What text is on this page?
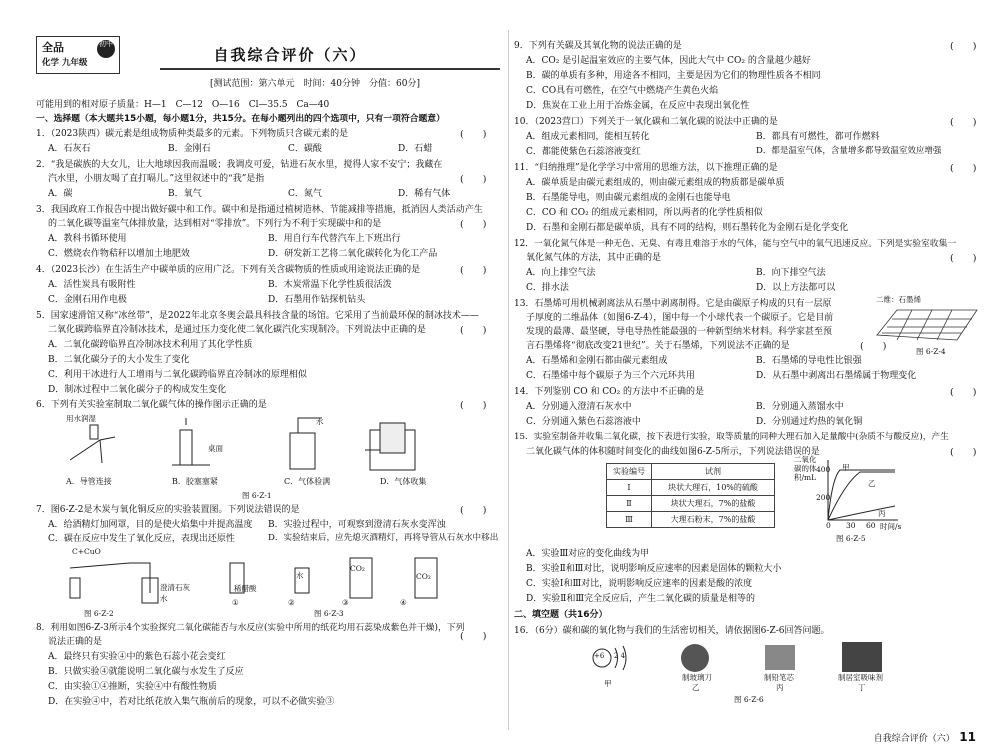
全品
化学 九年级
初中
自我综合评价（六）
[测试范围：第六单元　时间：40分钟　分值：60分]
可能用到的相对原子质量：H—1　C—12　O—16　Cl—35.5　Ca—40
一、选择题（本大题共15小题，每小题1分，共15分。在每小题列出的四个选项中，只有一项符合题意）
1．（2023陕西）碳元素是组成物质种类最多的元素。下列物质只含碳元素的是	(　　)
A．石灰石	B．金刚石	C．碳酸	D．石蜡
2．“我是碳族的大女儿，让大地球因我而温暖；我调皮可爱，钻进石灰水里，搅得人家不安宁；我藏在
汽水里，小朋友喝了直打嗝儿。”这里叙述中的“我”是指	(　　)
A．碳	B．氧气	C．氮气	D．稀有气体
3．我国政府工作报告中提出做好碳中和工作。碳中和是指通过植树造林、节能减排等措施，抵消因人类活动产生
的二氧化碳等温室气体排放量，达到相对“零排放”。下列行为不利于实现碳中和的是	(　　)
A．教科书循环使用	B．用自行车代替汽车上下班出行
C．燃烧农作物秸秆以增加土地肥效	D．研发新工艺将二氧化碳转化为化工产品
4．（2023长沙）在生活生产中碳单质的应用广泛。下列有关含碳物质的性质或用途说法正确的是	(　　)
A．活性炭具有吸附性	B．木炭常温下化学性质很活泼
C．金刚石用作电极	D．石墨用作钻探机钻头
5．国家速滑馆又称“冰丝带”，是2022年北京冬奥会最具科技含量的场馆。它采用了当前最环保的制冰技术——
二氧化碳跨临界直冷制冰技术，是通过压力变化使二氧化碳汽化实现制冷。下列说法中正确的是	(　　)
A．二氧化碳跨临界直冷制冰技术利用了其化学性质
B．二氧化碳分子的大小发生了变化
C．利用干冰进行人工增雨与二氧化碳跨临界直冷制冰的原理相似
D．制冰过程中二氧化碳分子的构成发生变化
6．下列有关实验室制取二氧化碳气体的操作图示正确的是	(　　)
用水润湿
桌面
水
A．导管连接	B．胶塞塞紧	C．气体验满	D．气体收集
图 6-Z-1
7．图6-Z-2是木炭与氧化铜反应的实验装置图。下列说法错误的是	(　　)
A．给酒精灯加网罩，目的是使火焰集中并提高温度 B．实验过程中，可观察到澄清石灰水变浑浊
C．碳在反应中发生了氧化反应，表现出还原性	D．实验结束后，应先熄灭酒精灯，再将导管从石灰水中移出
C+CuO
澄清石灰水
稀醋酸
水
CO₂
CO₂
①	②	③	④
图 6-Z-2	图 6-Z-3
8．利用如图6-Z-3所示4个实验探究二氧化碳能否与水反应(实验中所用的纸花均用石蕊染成紫色并干燥)，下列
说法正确的是	(　　)
A．最终只有实验④中的紫色石蕊小花会变红
B．只做实验④就能说明二氧化碳与水发生了反应
C．由实验①④推断，实验④中有酸性物质
D．在实验④中，若对比纸花放入集气瓶前后的现象，可以不必做实验③
9．下列有关碳及其氧化物的说法正确的是	(　　)
A．CO₂ 是引起温室效应的主要气体，因此大气中 CO₂ 的含量越少越好
B．碳的单质有多种，用途各不相同，主要是因为它们的物理性质各不相同
C．CO具有可燃性，在空气中燃烧产生黄色火焰
D．焦炭在工业上用于冶炼金属，在反应中表现出氧化性
10．（2023营口）下列关于一氧化碳和二氧化碳的说法中正确的是	(　　)
A．组成元素相同，能相互转化	B．都具有可燃性，都可作燃料
C．都能使紫色石蕊溶液变红	D．都是温室气体，含量增多都导致温室效应增强
11．“归纳推理”是化学学习中常用的思维方法，以下推理正确的是	(　　)
A．碳单质是由碳元素组成的，则由碳元素组成的物质都是碳单质
B．石墨能导电，则由碳元素组成的金刚石也能导电
C．CO 和 CO₂ 的组成元素相同，所以两者的化学性质相似
D．石墨和金刚石都是碳单质，具有不同的结构，则石墨转化为金刚石是化学变化
12．一氧化氮气体是一种无色、无臭、有毒且难溶于水的气体，能与空气中的氧气迅速反应。下列是实验室收集一
氧化氮气体的方法，其中正确的是	(　　)
A．向上排空气法	B．向下排空气法
C．排水法	D．以上方法都可以
13．石墨烯可用机械剥离法从石墨中剥离制得。它是由碳原子构成的只有一层原
子厚度的二维晶体（如图6-Z-4），图中每一个小球代表一个碳原子。它是目前
发现的最薄、最坚硬，导电导热性能最强的一种新型纳米材料。科学家甚至预
言石墨烯将“彻底改变21世纪”。关于石墨烯，下列说法不正确的是	(　　)
二维：石墨烯
图 6-Z-4
A．石墨烯和金刚石都由碳元素组成	B．石墨烯的导电性比银强
C．石墨烯中每个碳原子为三个六元环共用	D．从石墨中剥离出石墨烯属于物理变化
14．下列鉴别 CO 和 CO₂ 的方法中不正确的是	(　　)
A．分别通入澄清石灰水中	B．分别通入蒸馏水中
C．分别通入紫色石蕊溶液中	D．分别通过灼热的氧化铜
15．实验室制备并收集二氧化碳，按下表进行实验，取等质量的同种大理石加入足量酸中(杂质不与酸反应)，产生
二氧化碳气体的体积随时间变化的曲线如图6-Z-5所示，下列说法错误的是	(　　)
实验编号	试剂
Ⅰ	块状大理石，10%的硫酸
Ⅱ	块状大理石，7%的盐酸
Ⅲ	大理石粉末，7%的盐酸
二氧化碳的体积/mL
400
200
0 30 60 时间/s
甲
乙
丙
图 6-Z-5
A．实验Ⅲ对应的变化曲线为甲
B．实验Ⅱ和Ⅲ对比，说明影响反应速率的因素是固体的颗粒大小
C．实验Ⅰ和Ⅲ对比，说明影响反应速率的因素是酸的浓度
D．实验Ⅱ和Ⅲ完全反应后，产生二氧化碳的质量是相等的
二、填空题（共16分）
16．（6分）碳和碳的氧化物与我们的生活密切相关，请依据图6-Z-6回答问题。
+6 2 4
甲
制玻璃刀
乙
制铅笔芯
丙
制居室吸味剂
丁
图 6-Z-6
自我综合评价（六）　 11
